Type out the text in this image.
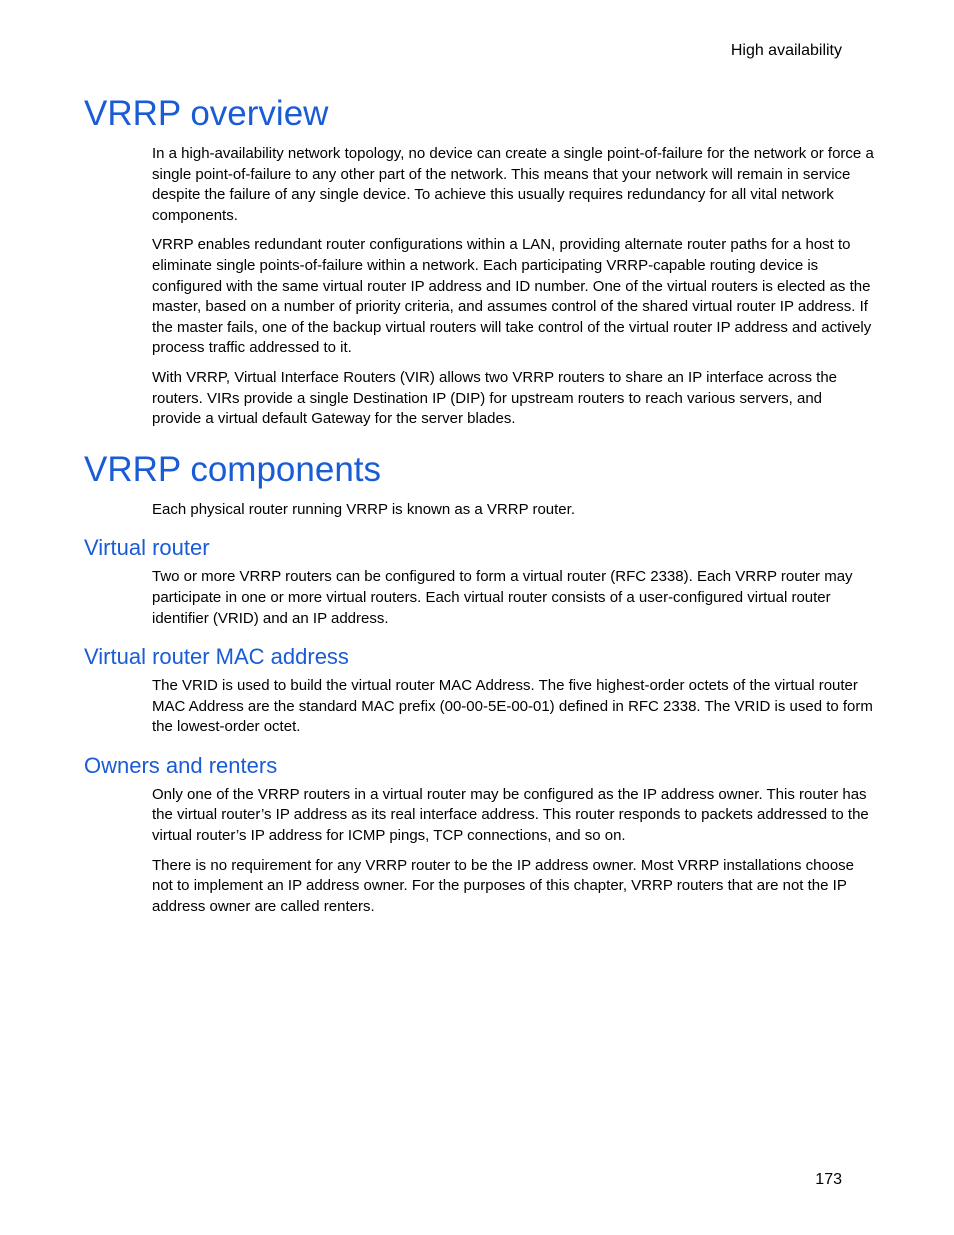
High availability
VRRP overview

In a high-availability network topology, no device can create a single point-of-failure for the network or force a single point-of-failure to any other part of the network. This means that your network will remain in service despite the failure of any single device. To achieve this usually requires redundancy for all vital network components.

VRRP enables redundant router configurations within a LAN, providing alternate router paths for a host to eliminate single points-of-failure within a network. Each participating VRRP-capable routing device is configured with the same virtual router IP address and ID number. One of the virtual routers is elected as the master, based on a number of priority criteria, and assumes control of the shared virtual router IP address. If the master fails, one of the backup virtual routers will take control of the virtual router IP address and actively process traffic addressed to it.

With VRRP, Virtual Interface Routers (VIR) allows two VRRP routers to share an IP interface across the routers. VIRs provide a single Destination IP (DIP) for upstream routers to reach various servers, and provide a virtual default Gateway for the server blades.

VRRP components

Each physical router running VRRP is known as a VRRP router.

Virtual router

Two or more VRRP routers can be configured to form a virtual router (RFC 2338). Each VRRP router may participate in one or more virtual routers. Each virtual router consists of a user-configured virtual router identifier (VRID) and an IP address.

Virtual router MAC address

The VRID is used to build the virtual router MAC Address. The five highest-order octets of the virtual router MAC Address are the standard MAC prefix (00-00-5E-00-01) defined in RFC 2338. The VRID is used to form the lowest-order octet.

Owners and renters

Only one of the VRRP routers in a virtual router may be configured as the IP address owner. This router has the virtual router’s IP address as its real interface address. This router responds to packets addressed to the virtual router’s IP address for ICMP pings, TCP connections, and so on.

There is no requirement for any VRRP router to be the IP address owner. Most VRRP installations choose not to implement an IP address owner. For the purposes of this chapter, VRRP routers that are not the IP address owner are called renters.

173
